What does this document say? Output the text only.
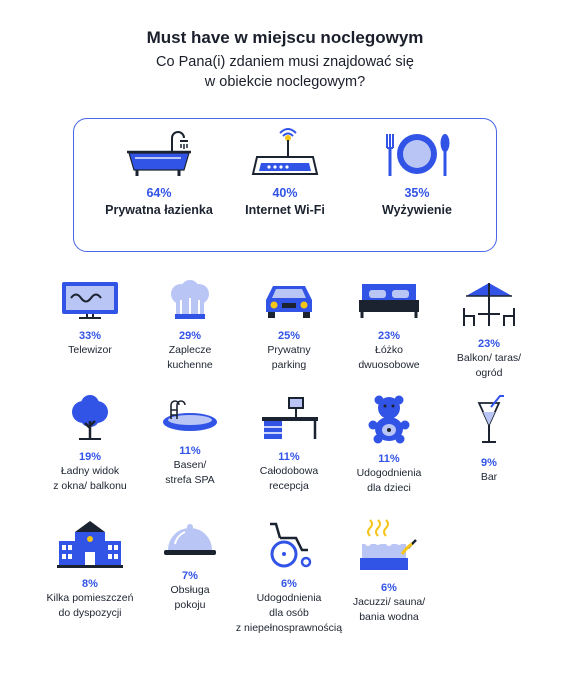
Must have w miejscu noclegowym
Co Pana(i) zdaniem musi znajdować się
w obiekcie noclegowym?
64%
Prywatna łazienka
40%
Internet Wi-Fi
35%
Wyżywienie
33%
Telewizor
29%
Zaplecze
kuchenne
25%
Prywatny
parking
23%
Łóżko
dwuosobowe
23%
Balkon/ taras/
ogród
19%
Ładny widok
z okna/ balkonu
11%
Basen/
strefa SPA
11%
Całodobowa
recepcja
11%
Udogodnienia
dla dzieci
9%
Bar
8%
Kilka pomieszczeń
do dyspozycji
7%
Obsługa
pokoju
6%
Udogodnienia
dla osób
z niepełnosprawnością
6%
Jacuzzi/ sauna/
bania wodna
